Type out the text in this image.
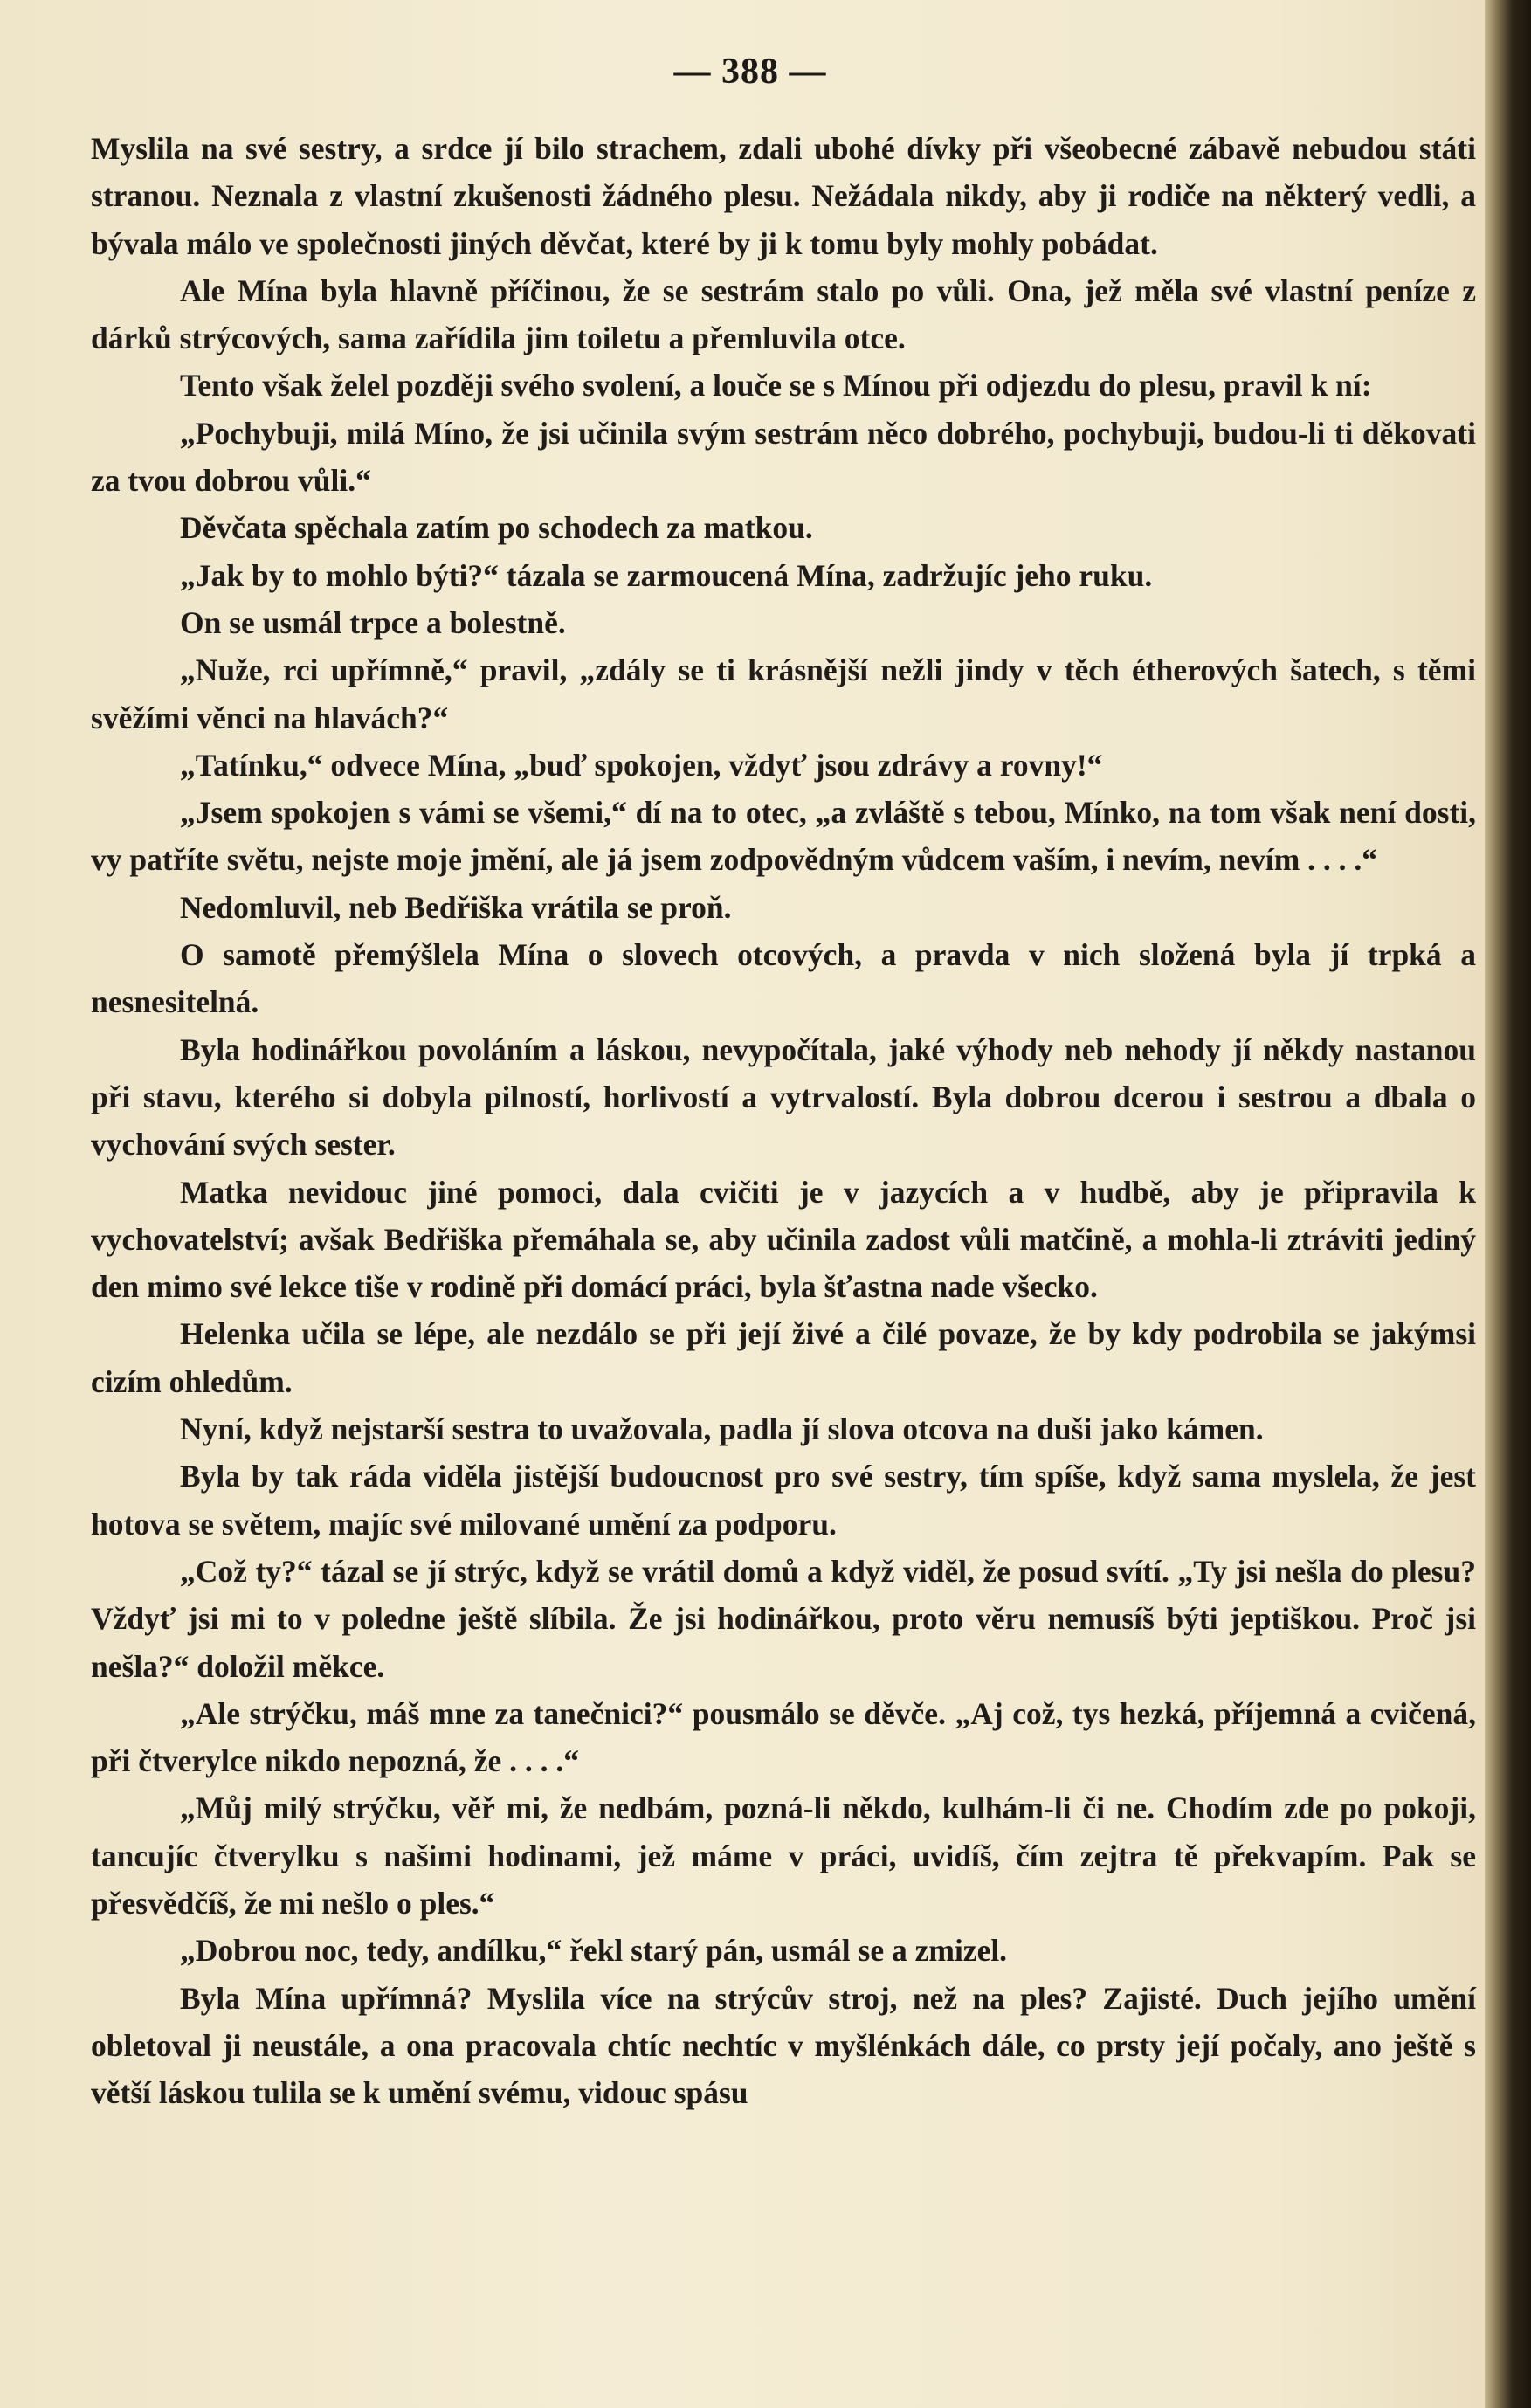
— 388 —

Myslila na své sestry, a srdce jí bilo strachem, zdali ubohé dívky při všeobecné zábavě nebudou státi stranou. Neznala z vlastní zkušenosti žádného plesu. Nežádala nikdy, aby ji rodiče na některý vedli, a bývala málo ve společnosti jiných děvčat, které by ji k tomu byly mohly pobádat.

Ale Mína byla hlavně příčinou, že se sestrám stalo po vůli. Ona, jež měla své vlastní peníze z dárků strýcových, sama zařídila jim toiletu a přemluvila otce.

Tento však želel později svého svolení, a louče se s Mínou při odjezdu do plesu, pravil k ní:

„Pochybuji, milá Míno, že jsi učinila svým sestrám něco dobrého, pochybuji, budou-li ti děkovati za tvou dobrou vůli.“

Děvčata spěchala zatím po schodech za matkou.

„Jak by to mohlo býti?“ tázala se zarmoucená Mína, zadržujíc jeho ruku.

On se usmál trpce a bolestně.

„Nuže, rci upřímně,“ pravil, „zdály se ti krásnější nežli jindy v těch étherových šatech, s těmi svěžími věnci na hlavách?“

„Tatínku,“ odvece Mína, „buď spokojen, vždyť jsou zdrávy a rovny!“

„Jsem spokojen s vámi se všemi,“ dí na to otec, „a zvláště s tebou, Mínko, na tom však není dosti, vy patříte světu, nejste moje jmění, ale já jsem zodpovědným vůdcem vaším, i nevím, nevím . . . .“

Nedomluvil, neb Bedřiška vrátila se proň.

O samotě přemýšlela Mína o slovech otcových, a pravda v nich složená byla jí trpká a nesnesitelná.

Byla hodinářkou povoláním a láskou, nevypočítala, jaké výhody neb nehody jí někdy nastanou při stavu, kterého si dobyla pilností, horlivostí a vytrvalostí. Byla dobrou dcerou i sestrou a dbala o vychování svých sester.

Matka nevidouc jiné pomoci, dala cvičiti je v jazycích a v hudbě, aby je připravila k vychovatelství; avšak Bedřiška přemáhala se, aby učinila zadost vůli matčině, a mohla-li ztráviti jediný den mimo své lekce tiše v rodině při domácí práci, byla šťastna nade všecko.

Helenka učila se lépe, ale nezdálo se při její živé a čilé povaze, že by kdy podrobila se jakýmsi cizím ohledům.

Nyní, když nejstarší sestra to uvažovala, padla jí slova otcova na duši jako kámen.

Byla by tak ráda viděla jistější budoucnost pro své sestry, tím spíše, když sama myslela, že jest hotova se světem, majíc své milované umění za podporu.

„Což ty?“ tázal se jí strýc, když se vrátil domů a když viděl, že posud svítí. „Ty jsi nešla do plesu? Vždyť jsi mi to v poledne ještě slíbila. Že jsi hodinářkou, proto věru nemusíš býti jeptiškou. Proč jsi nešla?“ doložil měkce.

„Ale strýčku, máš mne za tanečnici?“ pousmálo se děvče. „Aj což, tys hezká, příjemná a cvičená, při čtverylce nikdo nepozná, že . . . .“

„Můj milý strýčku, věř mi, že nedbám, pozná-li někdo, kulhám-li či ne. Chodím zde po pokoji, tancujíc čtverylku s našimi hodinami, jež máme v práci, uvidíš, čím zejtra tě překvapím. Pak se přesvědčíš, že mi nešlo o ples.“

„Dobrou noc, tedy, andílku,“ řekl starý pán, usmál se a zmizel.

Byla Mína upřímná? Myslila více na strýcův stroj, než na ples? Zajisté. Duch jejího umění obletoval ji neustále, a ona pracovala chtíc nechtíc v myšlénkách dále, co prsty její počaly, ano ještě s větší láskou tulila se k umění svému, vidouc spásu
